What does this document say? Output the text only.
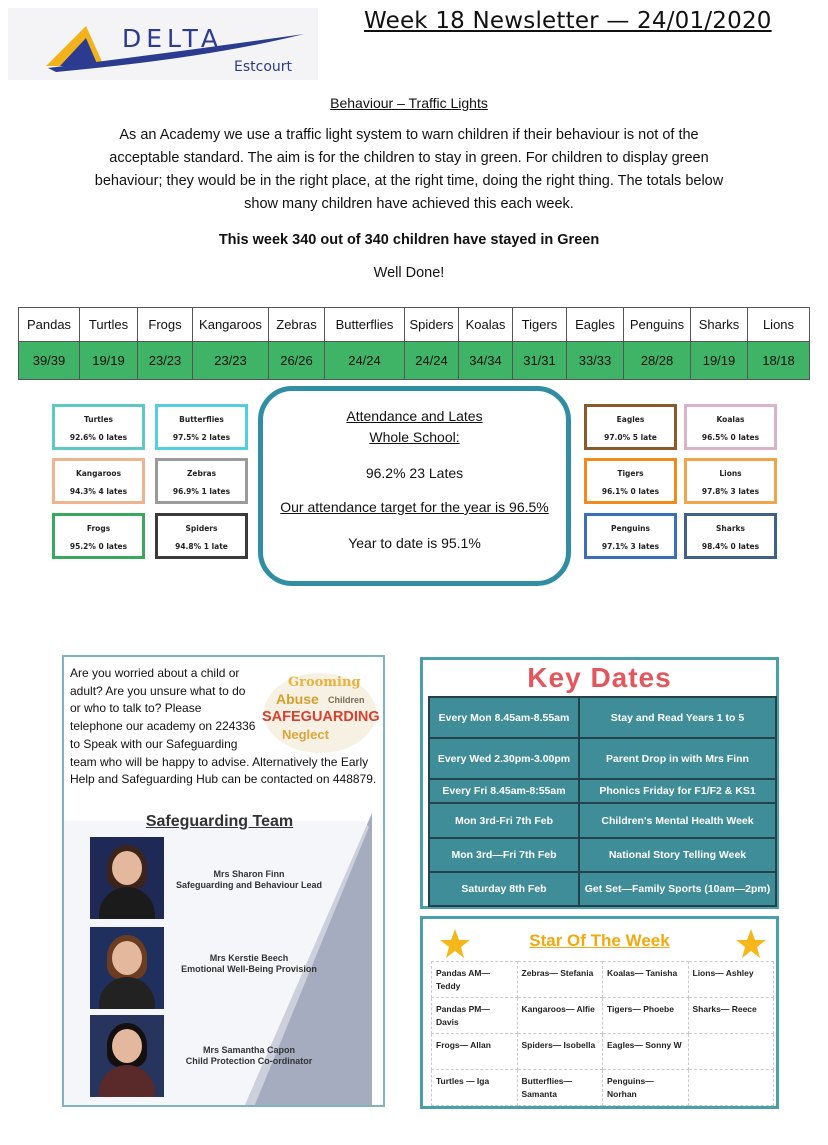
DELTA
Estcourt
Week 18 Newsletter — 24/01/2020
Behaviour – Traffic Lights
As an Academy we use a traffic light system to warn children if their behaviour is not of the acceptable standard. The aim is for the children to stay in green. For children to display green behaviour; they would be in the right place, at the right time, doing the right thing. The totals below show many children have achieved this each week.
This week 340 out of 340 children have stayed in Green
Well Done!
Pandas	Turtles	Frogs	Kangaroos	Zebras	Butterflies	Spiders	Koalas	Tigers	Eagles	Penguins	Sharks	Lions
39/39	19/19	23/23	23/23	26/26	24/24	24/24	34/34	31/31	33/33	28/28	19/19	18/18
Turtles
92.6% 0 lates
Butterflies
97.5% 2 lates
Kangaroos
94.3% 4 lates
Zebras
96.9% 1 lates
Frogs
95.2% 0 lates
Spiders
94.8% 1 late
Eagles
97.0% 5 late
Koalas
96.5% 0 lates
Tigers
96.1% 0 lates
Lions
97.8% 3 lates
Penguins
97.1% 3 lates
Sharks
98.4% 0 lates
Attendance and Lates
Whole School:
96.2% 23 Lates
Our attendance target for the year is 96.5%
Year to date is 95.1%
Are you worried about a child or
adult? Are you unsure what to do
or who to talk to? Please
telephone our academy on 224336
to Speak with our Safeguarding
team who will be happy to advise. Alternatively the Early Help and Safeguarding Hub can be contacted on 448879.
Grooming
Abuse Children
SAFEGUARDING
Neglect
Safeguarding Team
Mrs Sharon Finn
Safeguarding and Behaviour Lead
Mrs Kerstie Beech
Emotional Well-Being Provision
Mrs Samantha Capon
Child Protection Co-ordinator
Key Dates
Every Mon 8.45am-8.55am	Stay and Read Years 1 to 5
Every Wed 2.30pm-3.00pm	Parent Drop in with Mrs Finn
Every Fri 8.45am-8:55am	Phonics Friday for F1/F2 & KS1
Mon 3rd-Fri 7th Feb	Children's Mental Health Week
Mon 3rd—Fri 7th Feb	National Story Telling Week
Saturday 8th Feb	Get Set—Family Sports (10am—2pm)
Star Of The Week
Pandas AM— Teddy	Zebras— Stefania	Koalas— Tanisha	Lions— Ashley
Pandas PM— Davis	Kangaroos— Alfie	Tigers— Phoebe	Sharks— Reece
Frogs— Allan	Spiders— Isobella	Eagles— Sonny W	
Turtles — Iga	Butterflies— Samanta	Penguins— Norhan	
